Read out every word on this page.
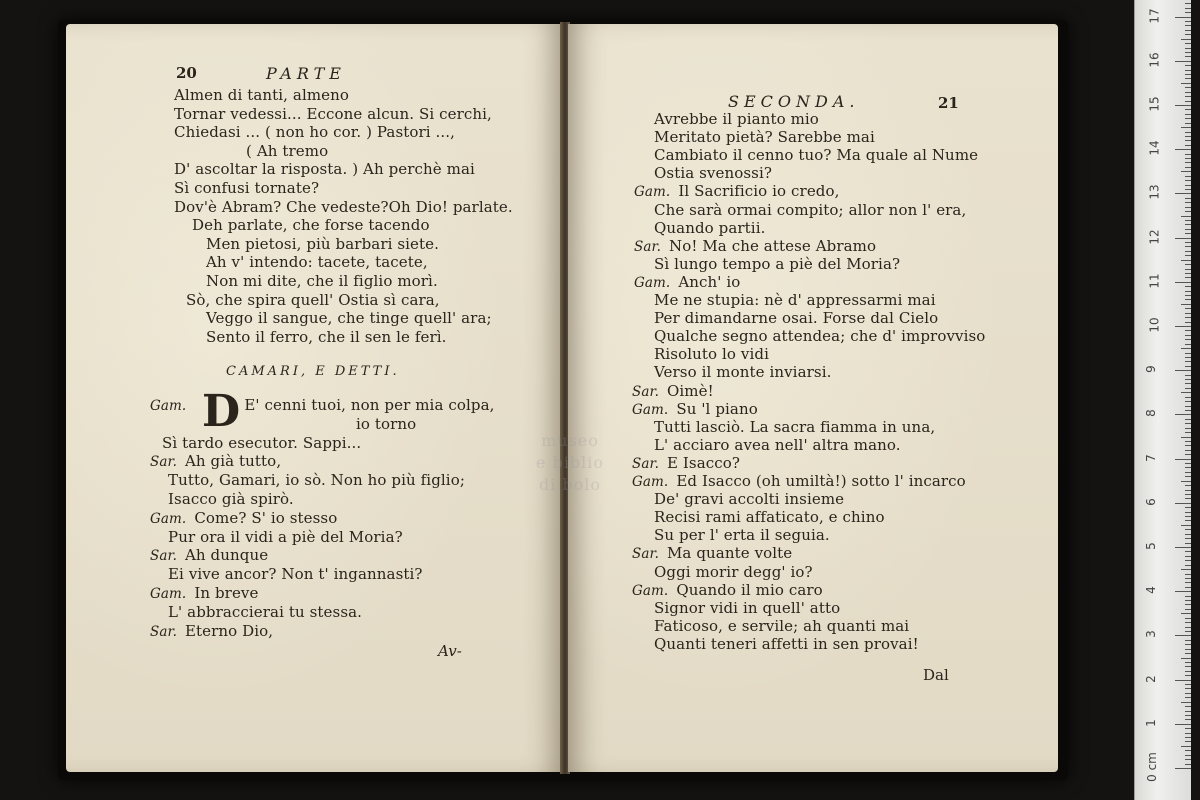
20	PARTE
Almen di tanti, almeno
Tornar vedessi... Eccone alcun. Si cerchi,
Chiedasi ... ( non ho cor. ) Pastori ...,
( Ah tremo
D' ascoltar la risposta. ) Ah perchè mai
Sì confusi tornate?
Dov'è Abram? Che vedeste?Oh Dio! parlate.
Deh parlate, che forse tacendo
Men pietosi, più barbari siete.
Ah v' intendo: tacete, tacete,
Non mi dite, che il figlio morì.
Sò, che spira quell' Ostia sì cara,
Veggo il sangue, che tinge quell' ara;
Sento il ferro, che il sen le ferì.
CAMARI, E DETTI.
D
Gam.	E' cenni tuoi, non per mia colpa,
io torno
Sì tardo esecutor. Sappi...
Sar. Ah già tutto,
Tutto, Gamari, io sò. Non ho più figlio;
Isacco già spirò.
Gam. Come? S' io stesso
Pur ora il vidi a piè del Moria?
Sar. Ah dunque
Ei vive ancor? Non t' ingannasti?
Gam. In breve
L' abbraccierai tu stessa.
Sar. Eterno Dio,
Av-
SECONDA.	21
Avrebbe il pianto mio
Meritato pietà? Sarebbe mai
Cambiato il cenno tuo? Ma quale al Nume
Ostia svenossi?
Gam. Il Sacrificio io credo,
Che sarà ormai compito; allor non l' era,
Quando partii.
Sar. No! Ma che attese Abramo
Sì lungo tempo a piè del Moria?
Gam. Anch' io
Me ne stupia: nè d' appressarmi mai
Per dimandarne osai. Forse dal Cielo
Qualche segno attendea; che d' improvviso
Risoluto lo vidi
Verso il monte inviarsi.
Sar. Oimè!
Gam. Su 'l piano
Tutti lasciò. La sacra fiamma in una,
L' acciaro avea nell' altra mano.
Sar. E Isacco?
Gam. Ed Isacco (oh umiltà!) sotto l' incarco
De' gravi accolti insieme
Recisi rami affaticato, e chino
Su per l' erta il seguia.
Sar. Ma quante volte
Oggi morir degg' io?
Gam. Quando il mio caro
Signor vidi in quell' atto
Faticoso, e servile; ah quanti mai
Quanti teneri affetti in sen provai!
Dal
museo
e biblio
di bolo
0 cm
1
2
3
4
5
6
7
8
9
10
11
12
13
14
15
16
17
